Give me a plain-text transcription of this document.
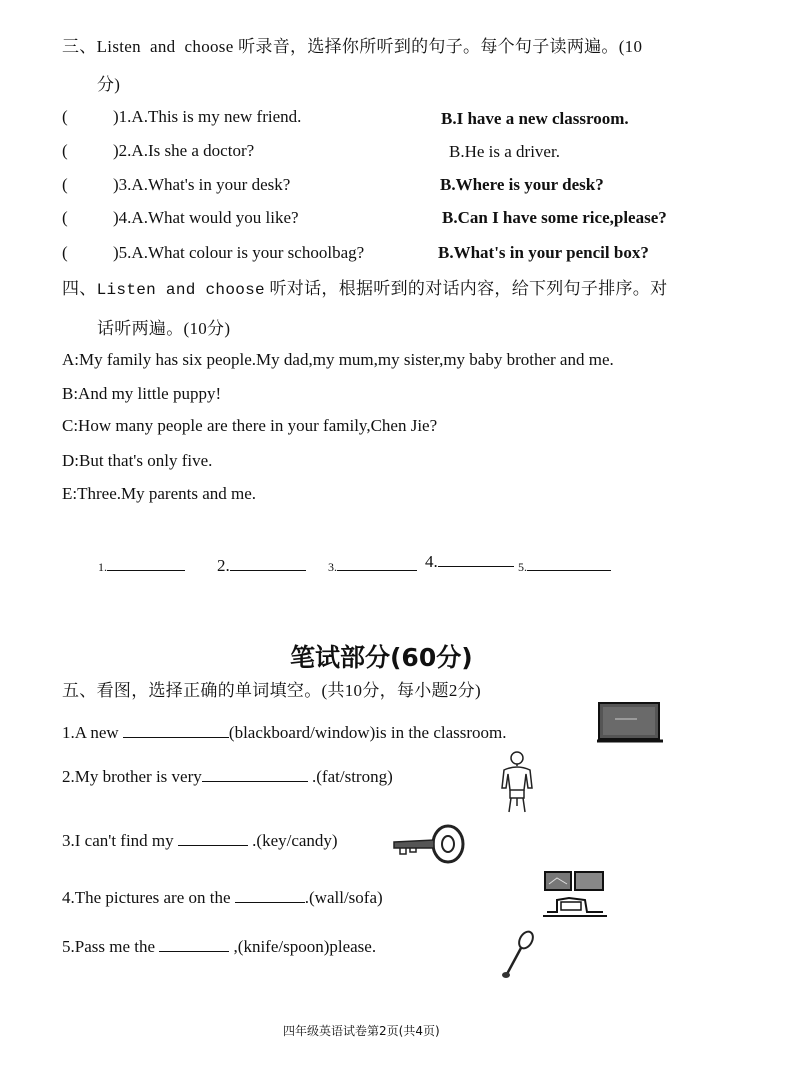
三、Listen  and  choose 听录音，选择你所听到的句子。每个句子读两遍。(10
分)
(	)1.A.This is my new friend.	B.I have a new classroom.
(	)2.A.Is she a doctor?	B.He is a driver.
(	)3.A.What's in your desk?	B.Where is your desk?
(	)4.A.What would you like?	B.Can I have some rice,please?
(	)5.A.What colour is your schoolbag?	B.What's in your pencil box?
四、Listen and choose 听对话，根据听到的对话内容，给下列句子排序。对
话听两遍。(10分)
A:My family has six people.My dad,my mum,my sister,my baby brother and me.
B:And my little puppy!
C:How many people are there in your family,Chen Jie?
D:But that's only five.
E:Three.My parents and me.
1.	2.	3.	4.	5.
笔试部分(60分)
五、看图，选择正确的单词填空。(共10分，每小题2分)
1.A new	(blackboard/window)is in the classroom.
2.My brother is very	.(fat/strong)
3.I can't find my	.(key/candy)
4.The pictures are on the	.(wall/sofa)
5.Pass me the	,(knife/spoon)please.
四年级英语试卷第2页(共4页)
